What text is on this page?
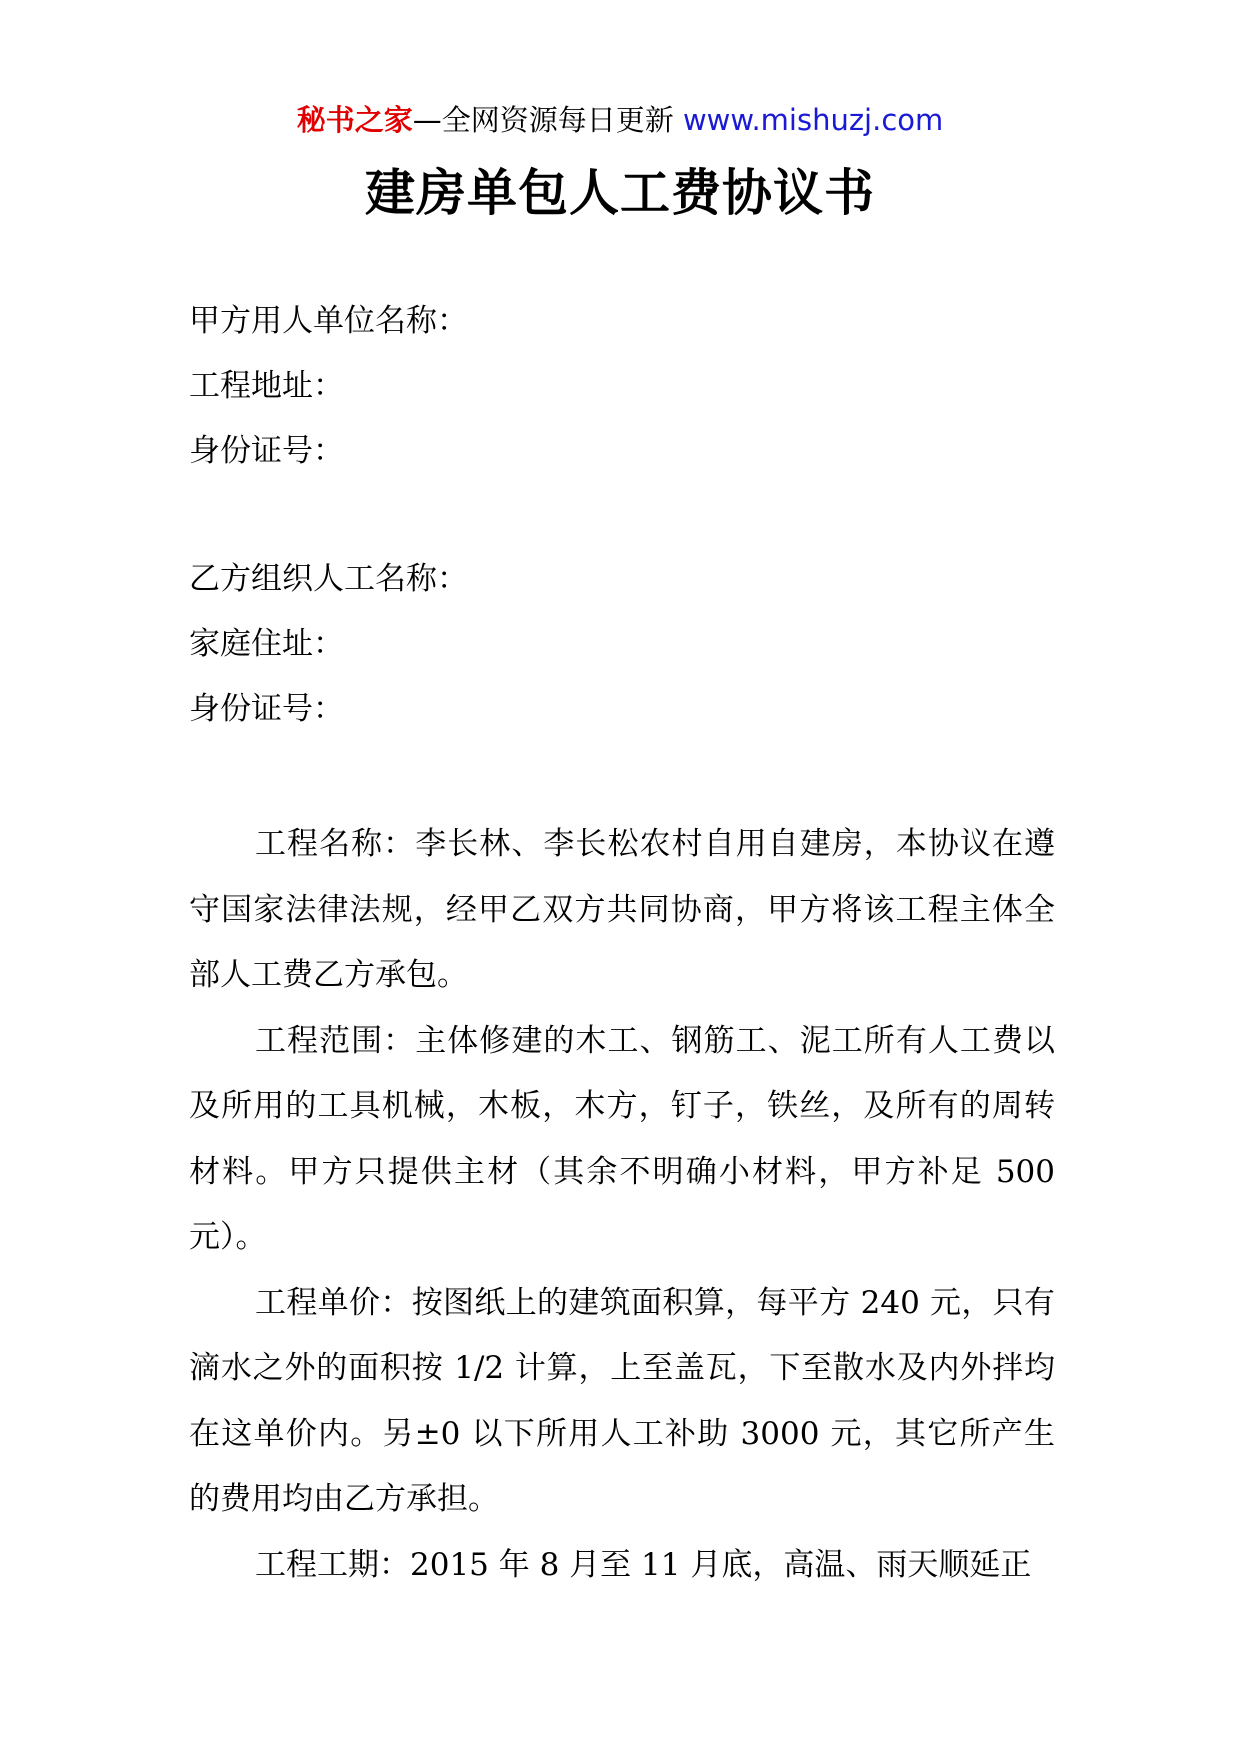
秘书之家—全网资源每日更新 www.mishuzj.com
建房单包人工费协议书
甲方用人单位名称：
工程地址：
身份证号：
乙方组织人工名称：
家庭住址：
身份证号：

工程名称：李长林、李长松农村自用自建房，本协议在遵守国家法律法规，经甲乙双方共同协商，甲方将该工程主体全部人工费乙方承包。

工程范围：主体修建的木工、钢筋工、泥工所有人工费以及所用的工具机械，木板，木方，钉子，铁丝，及所有的周转材料。甲方只提供主材（其余不明确小材料，甲方补足 500 元）。

工程单价：按图纸上的建筑面积算，每平方 240 元，只有滴水之外的面积按 1/2 计算，上至盖瓦，下至散水及内外拌均在这单价内。另±0 以下所用人工补助 3000 元，其它所产生的费用均由乙方承担。

工程工期：2015 年 8 月至 11 月底，高温、雨天顺延正
